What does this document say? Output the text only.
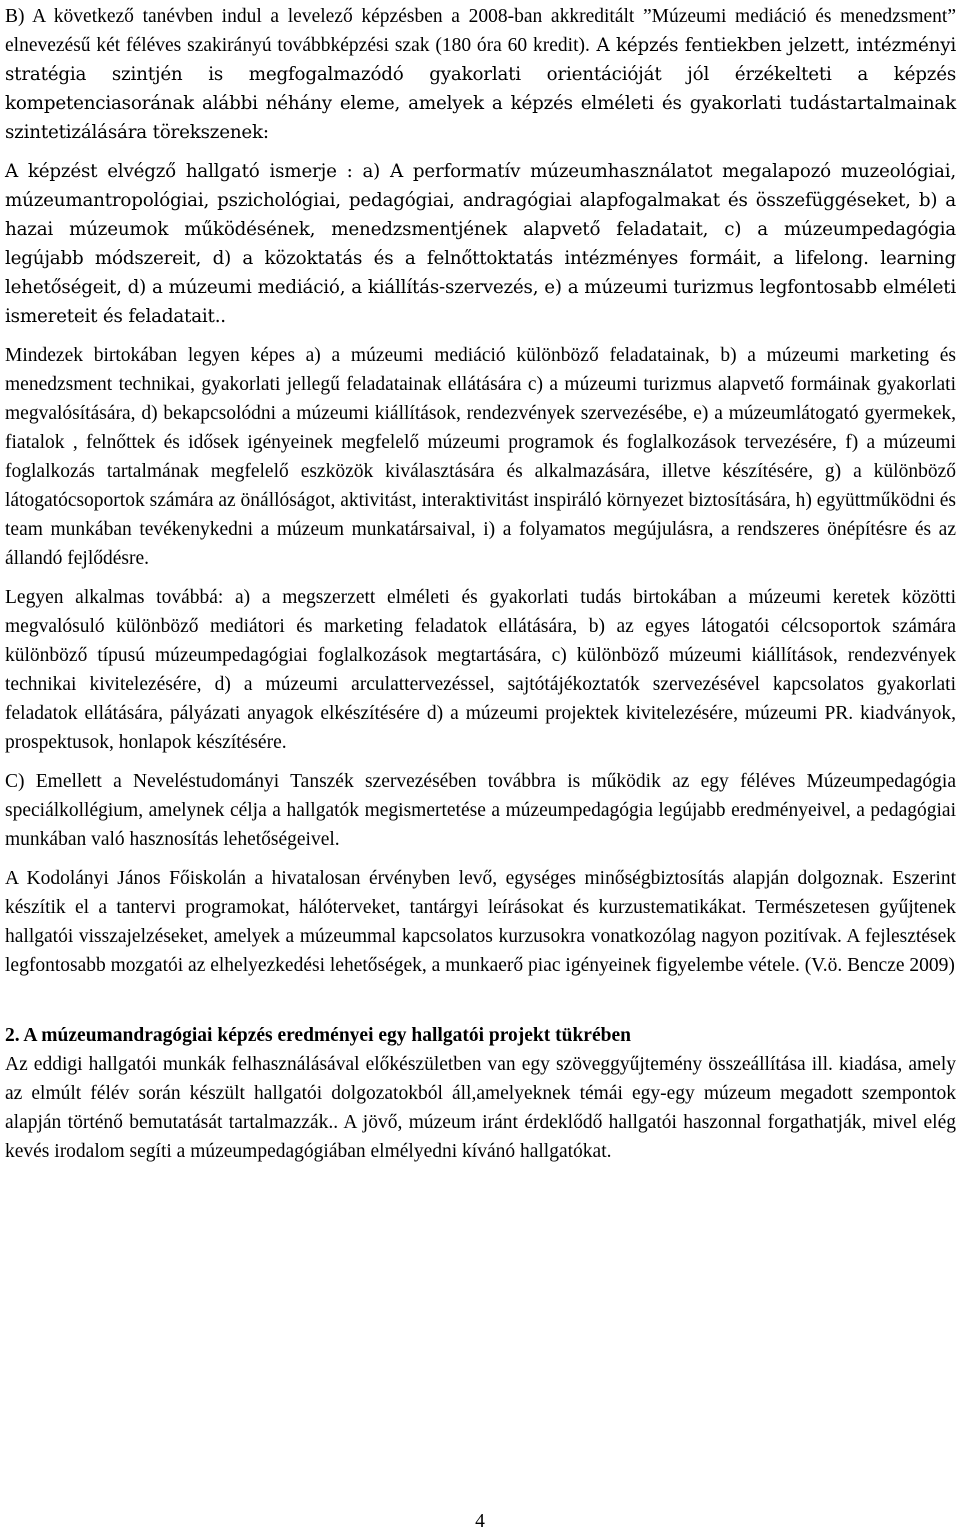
B) A következő tanévben indul a levelező képzésben a 2008-ban akkreditált ”Múzeumi mediáció és menedzsment” elnevezésű két féléves szakirányú továbbképzési szak (180 óra 60 kredit). A képzés fentiekben jelzett, intézményi stratégia szintjén is megfogalmazódó gyakorlati orientációját jól érzékelteti a képzés kompetenciasorának alábbi néhány eleme, amelyek a képzés elméleti és gyakorlati tudástartalmainak szintetizálására törekszenek:

A képzést elvégző hallgató ismerje : a) A performatív múzeumhasználatot megalapozó muzeológiai, múzeumantropológiai, pszichológiai, pedagógiai, andragógiai alapfogalmakat és összefüggéseket, b) a hazai múzeumok működésének, menedzsmentjének alapvető feladatait, c) a múzeumpedagógia legújabb módszereit, d) a közoktatás és a felnőttoktatás intézményes formáit, a lifelong. learning lehetőségeit, d) a múzeumi mediáció, a kiállítás-szervezés, e) a múzeumi turizmus legfontosabb elméleti ismereteit és feladatait..

Mindezek birtokában legyen képes a) a múzeumi mediáció különböző feladatainak, b) a múzeumi marketing és menedzsment technikai, gyakorlati jellegű feladatainak ellátására c) a múzeumi turizmus alapvető formáinak gyakorlati megvalósítására, d) bekapcsolódni a múzeumi kiállítások, rendezvények szervezésébe, e) a múzeumlátogató gyermekek, fiatalok , felnőttek és idősek igényeinek megfelelő múzeumi programok és foglalkozások tervezésére, f) a múzeumi foglalkozás tartalmának megfelelő eszközök kiválasztására és alkalmazására, illetve készítésére, g) a különböző látogatócsoportok számára az önállóságot, aktivitást, interaktivitást inspiráló környezet biztosítására, h) együttműködni és team munkában tevékenykedni a múzeum munkatársaival, i) a folyamatos megújulásra, a rendszeres önépítésre és az állandó fejlődésre.

Legyen alkalmas továbbá: a) a megszerzett elméleti és gyakorlati tudás birtokában a múzeumi keretek közötti megvalósuló különböző mediátori és marketing feladatok ellátására, b) az egyes látogatói célcsoportok számára különböző típusú múzeumpedagógiai foglalkozások megtartására, c) különböző múzeumi kiállítások, rendezvények technikai kivitelezésére, d) a múzeumi arculattervezéssel, sajtótájékoztatók szervezésével kapcsolatos gyakorlati feladatok ellátására, pályázati anyagok elkészítésére d) a múzeumi projektek kivitelezésére, múzeumi PR. kiadványok, prospektusok, honlapok készítésére.

C) Emellett a Neveléstudományi Tanszék szervezésében továbbra is működik az egy féléves Múzeumpedagógia speciálkollégium, amelynek célja a hallgatók megismertetése a múzeumpedagógia legújabb eredményeivel, a pedagógiai munkában való hasznosítás lehetőségeivel.

A Kodolányi János Főiskolán a hivatalosan érvényben levő, egységes minőségbiztosítás alapján dolgoznak. Eszerint készítik el a tantervi programokat, hálóterveket, tantárgyi leírásokat és kurzustematikákat. Természetesen gyűjtenek hallgatói visszajelzéseket, amelyek a múzeummal kapcsolatos kurzusokra vonatkozólag nagyon pozitívak. A fejlesztések legfontosabb mozgatói az elhelyezkedési lehetőségek, a munkaerő piac igényeinek figyelembe vétele. (V.ö. Bencze 2009)

2. A múzeumandragógiai képzés eredményei egy hallgatói projekt tükrében

Az eddigi hallgatói munkák felhasználásával előkészületben van egy szöveggyűjtemény összeállítása ill. kiadása, amely az elmúlt félév során készült hallgatói dolgozatokból áll,amelyeknek témái egy-egy múzeum megadott szempontok alapján történő bemutatását tartalmazzák.. A jövő, múzeum iránt érdeklődő hallgatói haszonnal forgathatják, mivel elég kevés irodalom segíti a múzeumpedagógiában elmélyedni kívánó hallgatókat.

4
